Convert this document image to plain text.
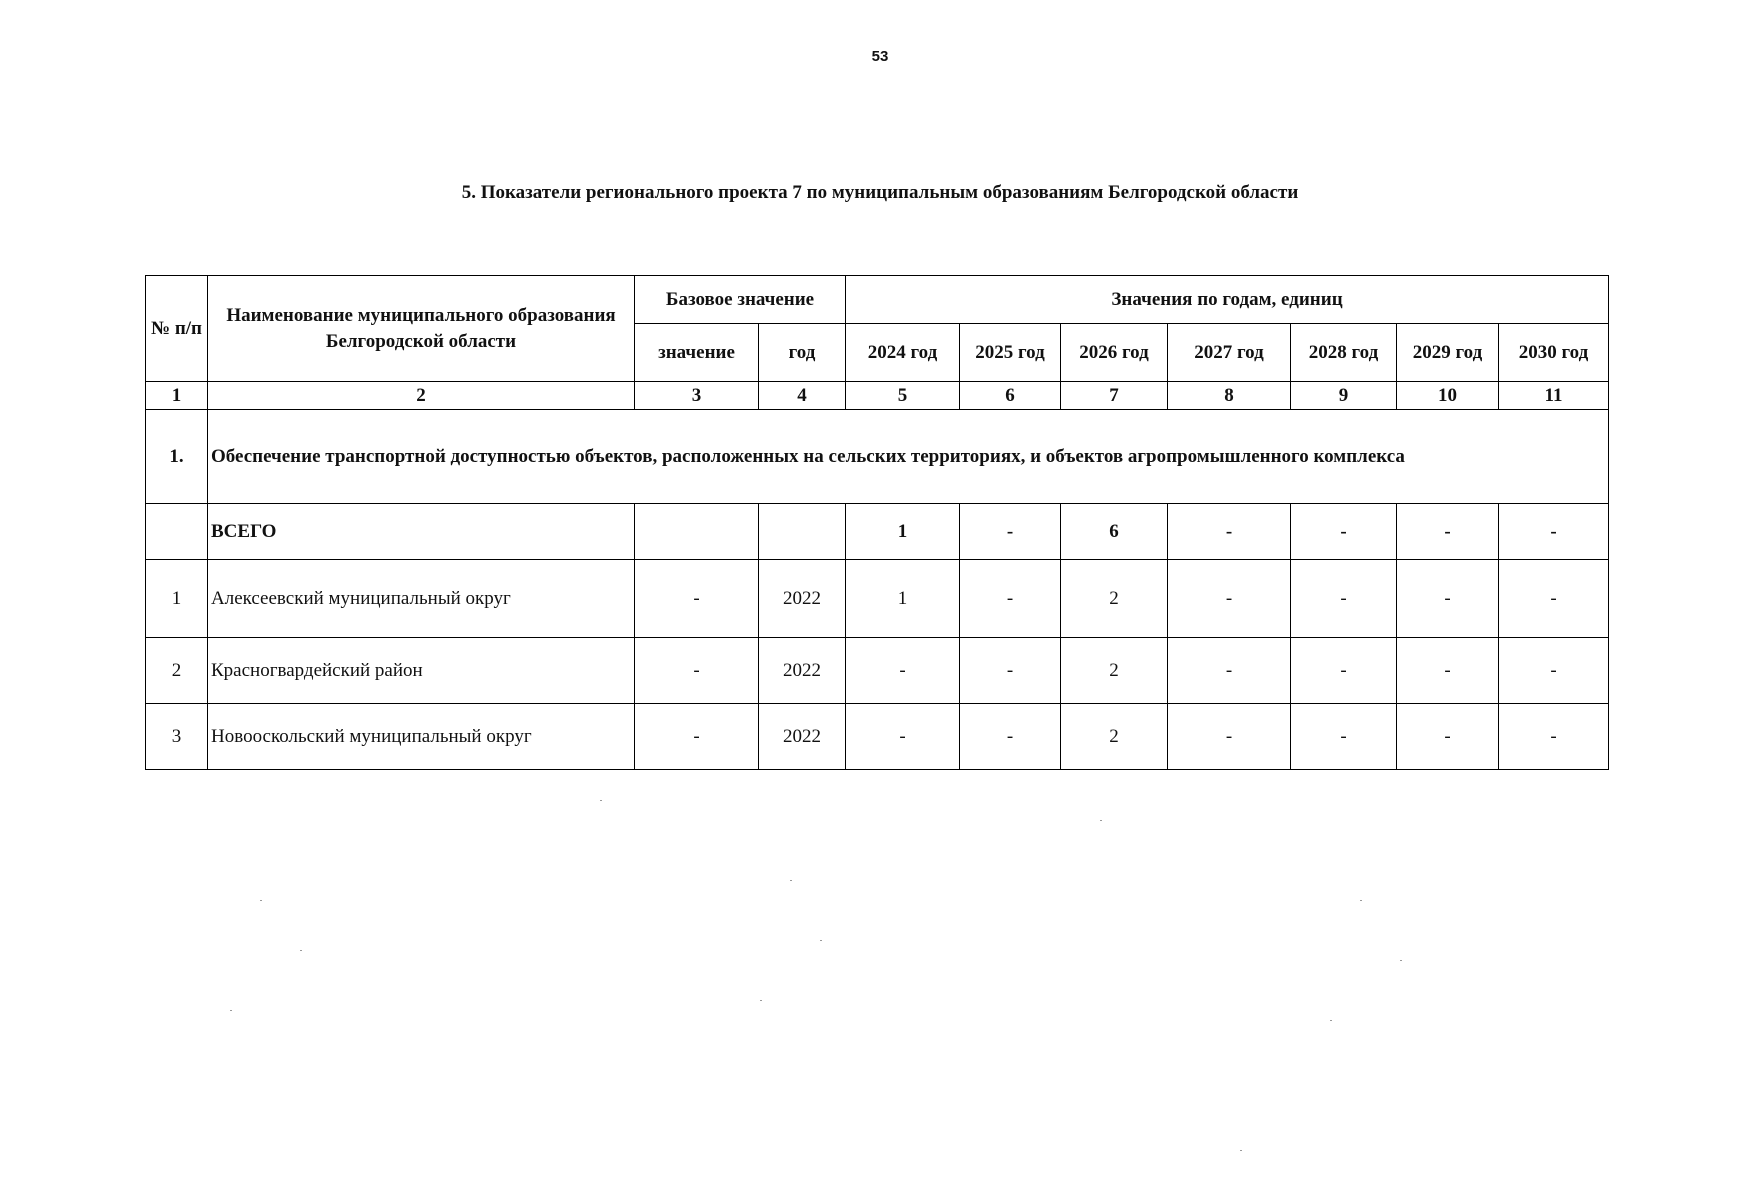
53
5. Показатели регионального проекта 7 по муниципальным образованиям Белгородской области
№ п/п	Наименование муниципального образования Белгородской области	Базовое значение		Значения по годам, единиц						
		значение	год	2024 год	2025 год	2026 год	2027 год	2028 год	2029 год	2030 год
1	2	3	4	5	6	7	8	9	10	11
1.	Обеспечение транспортной доступностью объектов, расположенных на сельских территориях, и объектов агропромышленного комплекса									
	ВСЕГО			1	-	6	-	-	-	-
1	Алексеевский муниципальный округ	-	2022	1	-	2	-	-	-	-
2	Красногвардейский район	-	2022	-	-	2	-	-	-	-
3	Новооскольский муниципальный округ	-	2022	-	-	2	-	-	-	-
